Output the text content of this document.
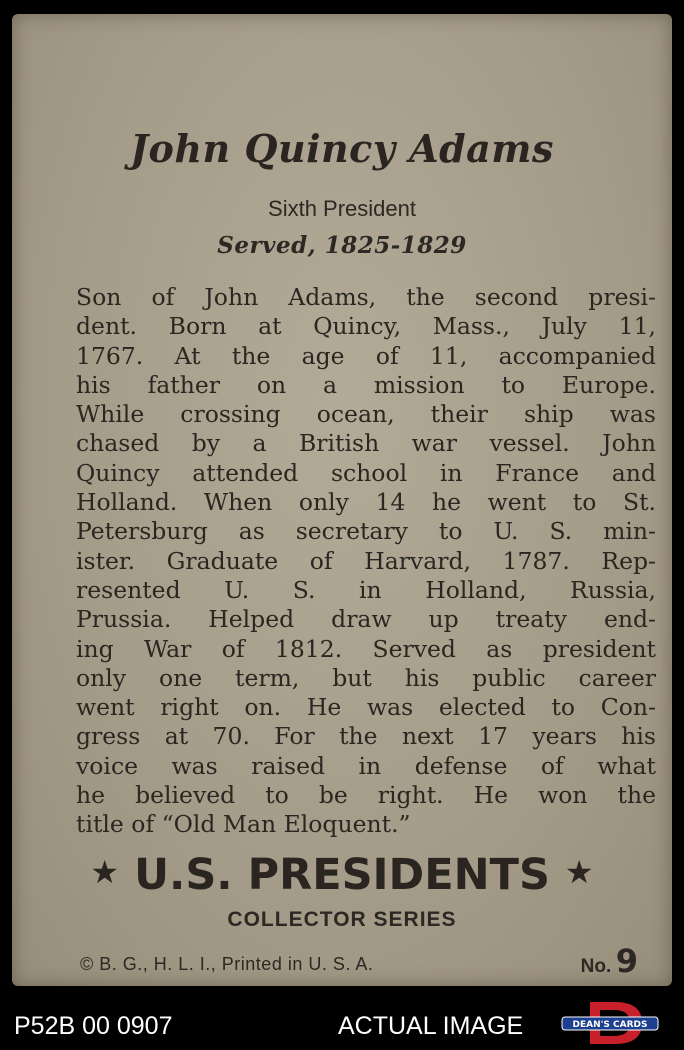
John Quincy Adams
Sixth President
Served, 1825-1829
Son of John Adams, the second presi-
dent. Born at Quincy, Mass., July 11,
1767. At the age of 11, accompanied
his father on a mission to Europe.
While crossing ocean, their ship was
chased by a British war vessel. John
Quincy attended school in France and
Holland. When only 14 he went to St.
Petersburg as secretary to U. S. min-
ister. Graduate of Harvard, 1787. Rep-
resented U. S. in Holland, Russia,
Prussia. Helped draw up treaty end-
ing War of 1812. Served as president
only one term, but his public career
went right on. He was elected to Con-
gress at 70. For the next 17 years his
voice was raised in defense of what
he believed to be right. He won the
title of “Old Man Eloquent.”
★ U.S. PRESIDENTS ★
COLLECTOR SERIES
© B. G., H. L. I., Printed in U. S. A.	No. 9
P52B 00 0907	ACTUAL IMAGE	DEAN'S CARDS
